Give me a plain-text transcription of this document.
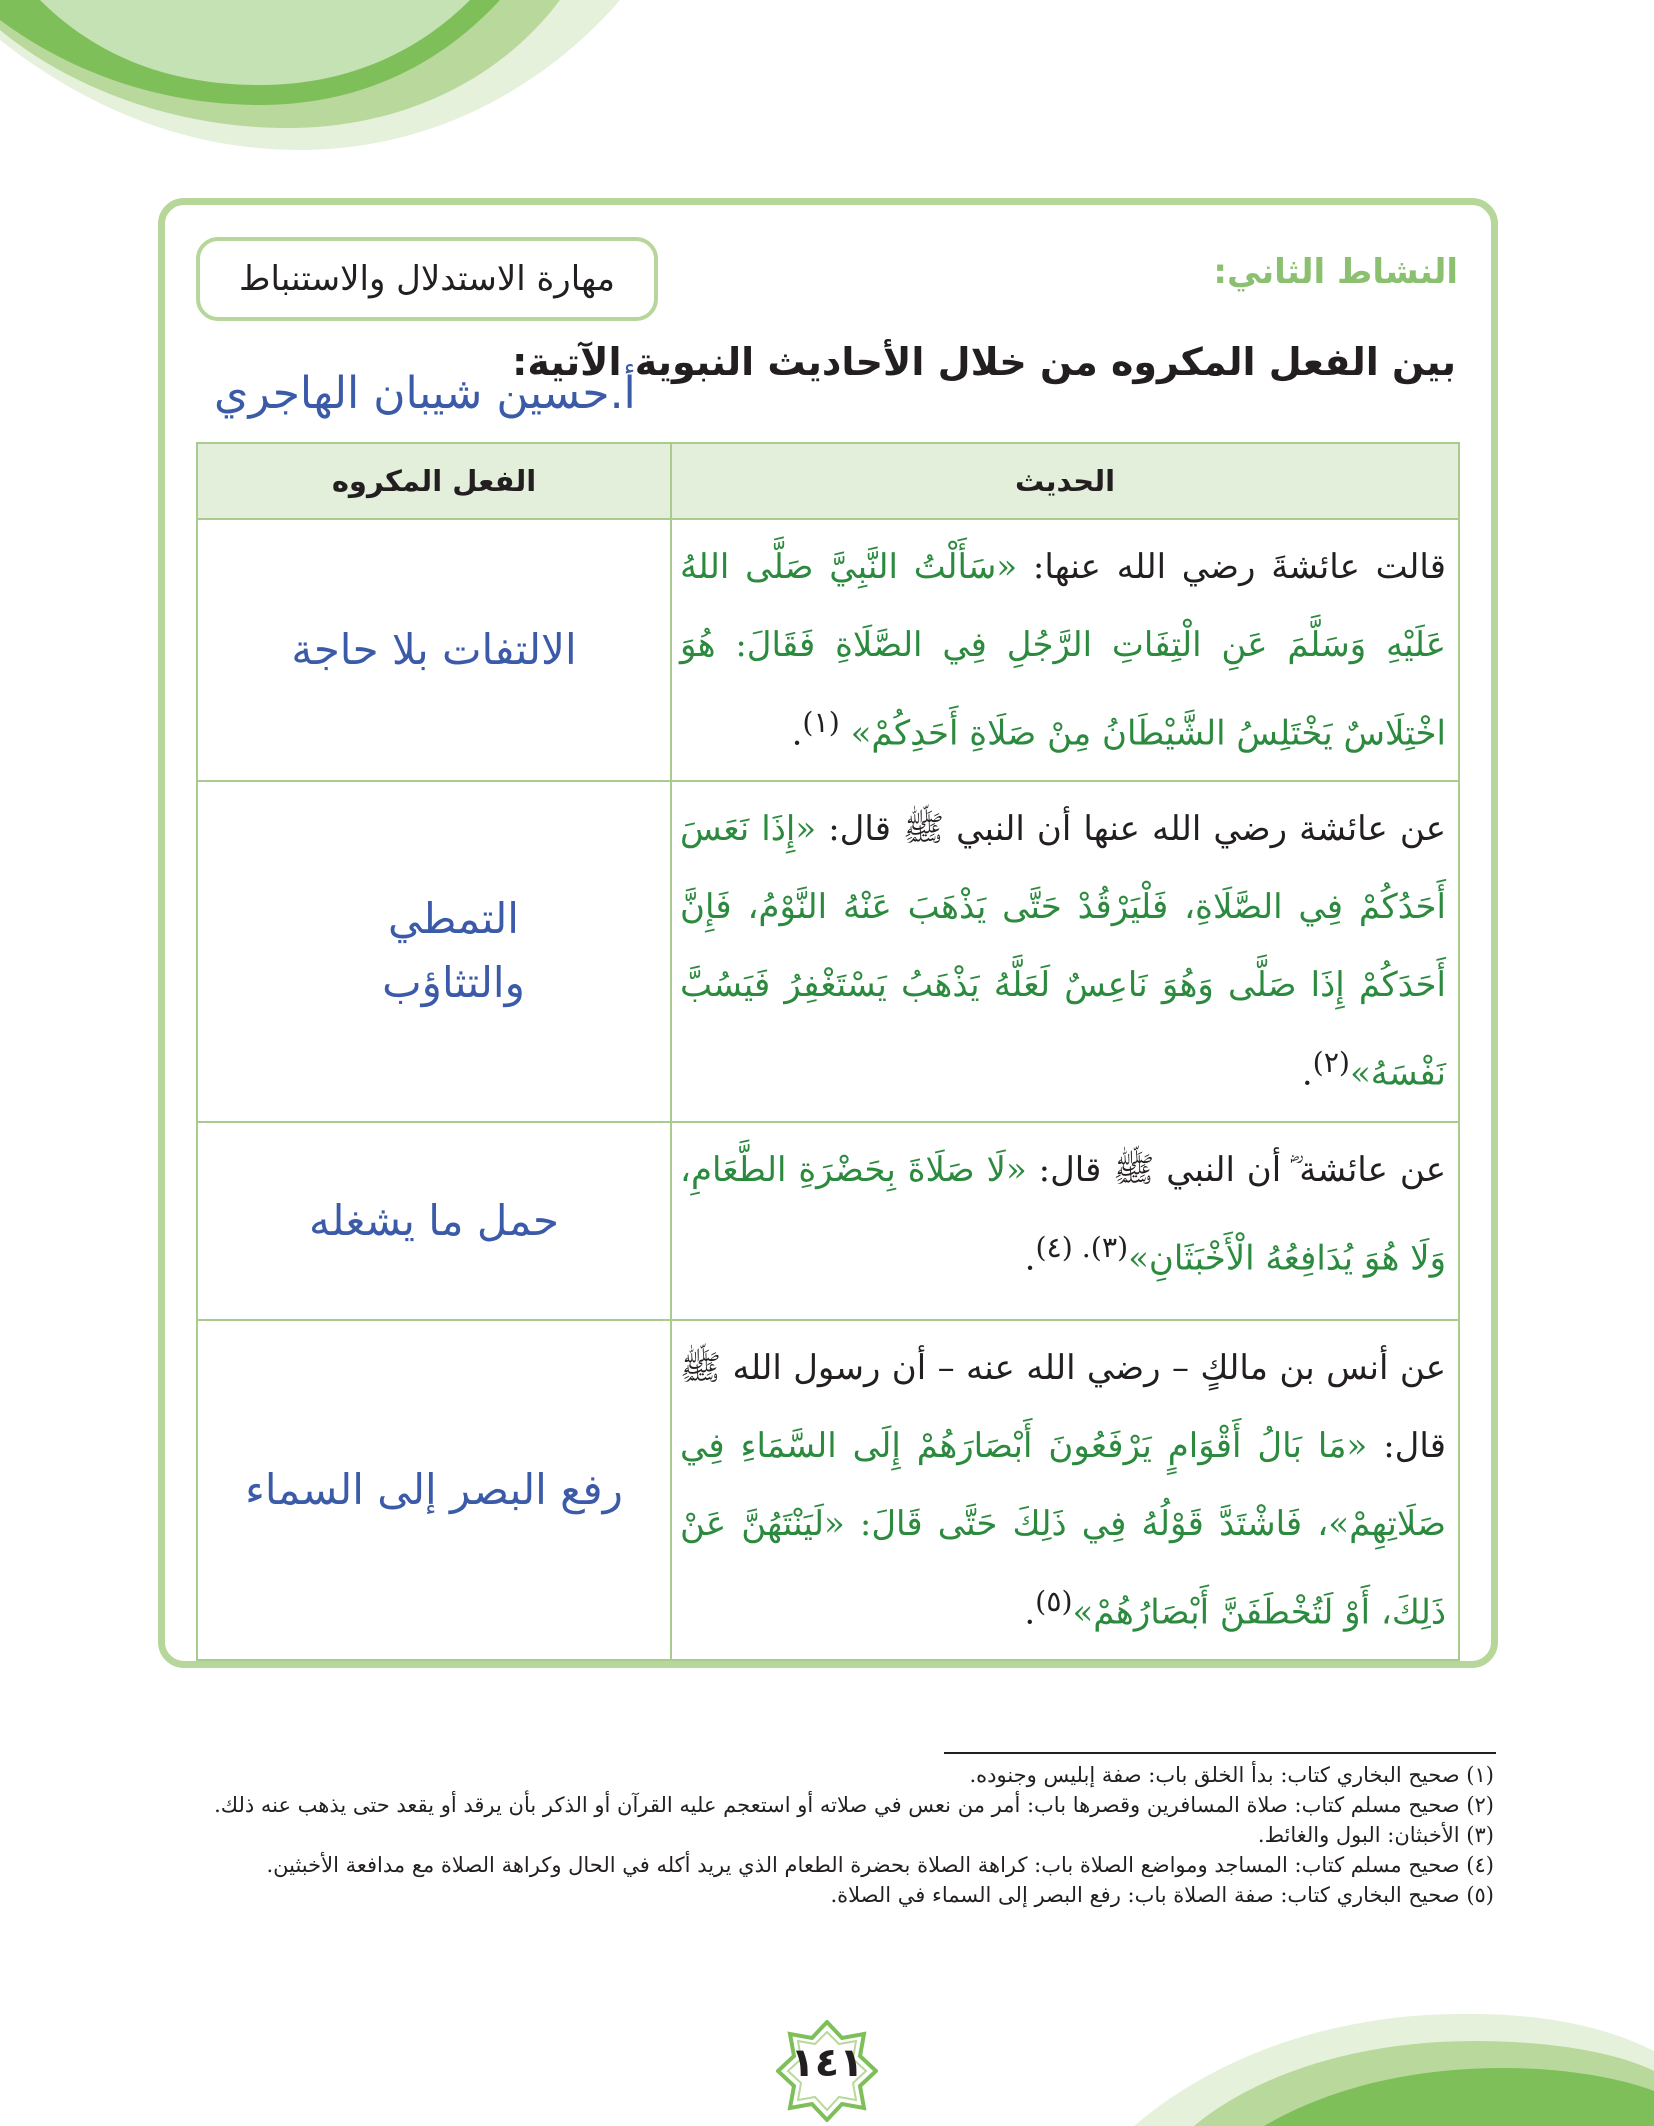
النشاط الثاني:
مهارة الاستدلال والاستنباط
بين الفعل المكروه من خلال الأحاديث النبوية الآتية:
أ.حسين شيبان الهاجري
الحديث	الفعل المكروه
قالت عائشةَ رضي الله عنها: «سَأَلْتُ النَّبِيَّ صَلَّى اللهُ عَلَيْهِ وَسَلَّمَ عَنِ الْتِفَاتِ الرَّجُلِ فِي الصَّلَاةِ فَقَالَ: هُوَ اخْتِلَاسٌ يَخْتَلِسُ الشَّيْطَانُ مِنْ صَلَاةِ أَحَدِكُمْ» $^{(١)}$.	الالتفات بلا حاجة
عن عائشة رضي الله عنها أن النبي ﷺ قال: «إِذَا نَعَسَ أَحَدُكُمْ فِي الصَّلَاةِ، فَلْيَرْقُدْ حَتَّى يَذْهَبَ عَنْهُ النَّوْمُ، فَإِنَّ أَحَدَكُمْ إِذَا صَلَّى وَهُوَ نَاعِسٌ لَعَلَّهُ يَذْهَبُ يَسْتَغْفِرُ فَيَسُبَّ نَفْسَهُ»$^{(٢)}$.	التمطي والتثاؤب

عن عائشة ؓ أن النبي ﷺ قال: «لَا صَلَاةَ بِحَضْرَةِ الطَّعَامِ، وَلَا هُوَ يُدَافِعُهُ الْأَخْبَثَانِ»$^{(٣). (٤)}$.	حمل ما يشغله
عن أنس بن مالكٍ – رضي الله عنه – أن رسول الله ﷺ قال: «مَا بَالُ أَقْوَامٍ يَرْفَعُونَ أَبْصَارَهُمْ إِلَى السَّمَاءِ فِي صَلَاتِهِمْ»، فَاشْتَدَّ قَوْلُهُ فِي ذَلِكَ حَتَّى قَالَ: «لَيَنْتَهُنَّ عَنْ ذَلِكَ، أَوْ لَتُخْطَفَنَّ أَبْصَارُهُمْ»$^{(٥)}$.	رفع البصر إلى السماء
(١) صحيح البخاري كتاب: بدأ الخلق باب: صفة إبليس وجنوده.
(٢) صحيح مسلم كتاب: صلاة المسافرين وقصرها باب: أمر من نعس في صلاته أو استعجم عليه القرآن أو الذكر بأن يرقد أو يقعد حتى يذهب عنه ذلك.
(٣) الأخبثان: البول والغائط.
(٤) صحيح مسلم كتاب: المساجد ومواضع الصلاة باب: كراهة الصلاة بحضرة الطعام الذي يريد أكله في الحال وكراهة الصلاة مع مدافعة الأخبثين.
(٥) صحيح البخاري كتاب: صفة الصلاة باب: رفع البصر إلى السماء في الصلاة.
١٤١
